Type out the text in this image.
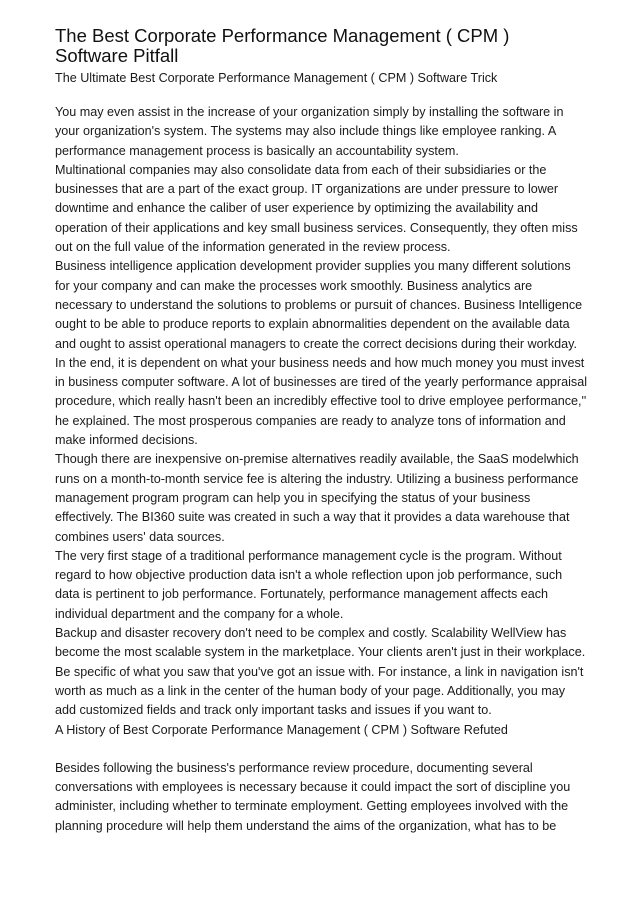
The Best Corporate Performance Management ( CPM ) Software Pitfall

The Ultimate Best Corporate Performance Management ( CPM ) Software Trick

You may even assist in the increase of your organization simply by installing the software in your organization's system. The systems may also include things like employee ranking. A performance management process is basically an accountability system.

Multinational companies may also consolidate data from each of their subsidiaries or the businesses that are a part of the exact group. IT organizations are under pressure to lower downtime and enhance the caliber of user experience by optimizing the availability and operation of their applications and key small business services. Consequently, they often miss out on the full value of the information generated in the review process.

Business intelligence application development provider supplies you many different solutions for your company and can make the processes work smoothly. Business analytics are necessary to understand the solutions to problems or pursuit of chances. Business Intelligence ought to be able to produce reports to explain abnormalities dependent on the available data and ought to assist operational managers to create the correct decisions during their workday.

In the end, it is dependent on what your business needs and how much money you must invest in business computer software. A lot of businesses are tired of the yearly performance appraisal procedure, which really hasn't been an incredibly effective tool to drive employee performance,'' he explained. The most prosperous companies are ready to analyze tons of information and make informed decisions.

Though there are inexpensive on-premise alternatives readily available, the SaaS modelwhich runs on a month-to-month service fee is altering the industry. Utilizing a business performance management program program can help you in specifying the status of your business effectively. The BI360 suite was created in such a way that it provides a data warehouse that combines users' data sources.

The very first stage of a traditional performance management cycle is the program. Without regard to how objective production data isn't a whole reflection upon job performance, such data is pertinent to job performance. Fortunately, performance management affects each individual department and the company for a whole.

Backup and disaster recovery don't need to be complex and costly. Scalability WellView has become the most scalable system in the marketplace. Your clients aren't just in their workplace.

Be specific of what you saw that you've got an issue with. For instance, a link in navigation isn't worth as much as a link in the center of the human body of your page. Additionally, you may add customized fields and track only important tasks and issues if you want to.

A History of Best Corporate Performance Management ( CPM ) Software Refuted

Besides following the business's performance review procedure, documenting several conversations with employees is necessary because it could impact the sort of discipline you administer, including whether to terminate employment. Getting employees involved with the planning procedure will help them understand the aims of the organization, what has to be
